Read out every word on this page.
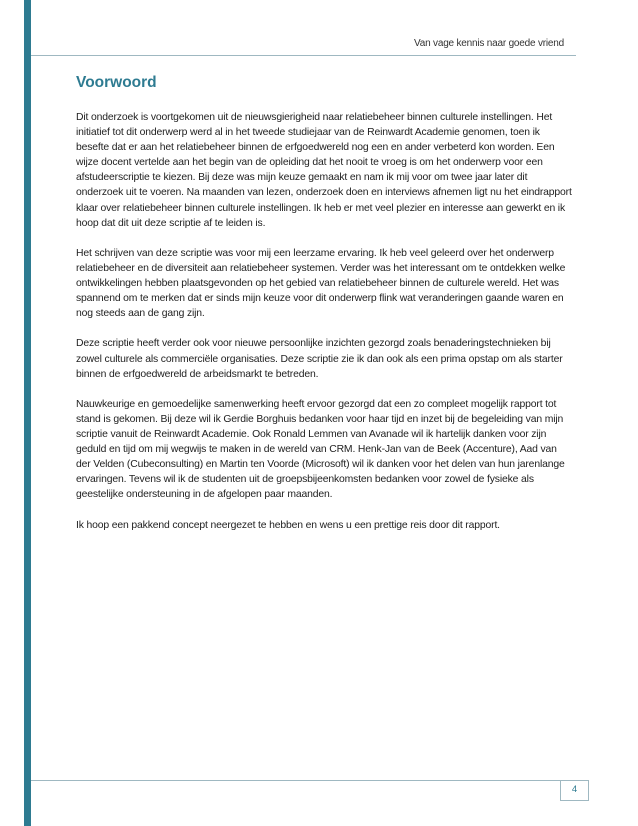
Van vage kennis naar goede vriend
Voorwoord

Dit onderzoek is voortgekomen uit de nieuwsgierigheid naar relatiebeheer binnen culturele instellingen. Het initiatief tot dit onderwerp werd al in het tweede studiejaar van de Reinwardt Academie genomen, toen ik besefte dat er aan het relatiebeheer binnen de erfgoedwereld nog een en ander verbeterd kon worden. Een wijze docent vertelde aan het begin van de opleiding dat het nooit te vroeg is om het onderwerp voor een afstudeerscriptie te kiezen. Bij deze was mijn keuze gemaakt en nam ik mij voor om twee jaar later dit onderzoek uit te voeren. Na maanden van lezen, onderzoek doen en interviews afnemen ligt nu het eindrapport klaar over relatiebeheer binnen culturele instellingen. Ik heb er met veel plezier en interesse aan gewerkt en ik hoop dat dit uit deze scriptie af te leiden is.

Het schrijven van deze scriptie was voor mij een leerzame ervaring. Ik heb veel geleerd over het onderwerp relatiebeheer en de diversiteit aan relatiebeheer systemen. Verder was het interessant om te ontdekken welke ontwikkelingen hebben plaatsgevonden op het gebied van relatiebeheer binnen de culturele wereld. Het was spannend om te merken dat er sinds mijn keuze voor dit onderwerp flink wat veranderingen gaande waren en nog steeds aan de gang zijn.

Deze scriptie heeft verder ook voor nieuwe persoonlijke inzichten gezorgd zoals benaderingstechnieken bij zowel culturele als commerciële organisaties. Deze scriptie zie ik dan ook als een prima opstap om als starter binnen de erfgoedwereld de arbeidsmarkt te betreden.

Nauwkeurige en gemoedelijke samenwerking heeft ervoor gezorgd dat een zo compleet mogelijk rapport tot stand is gekomen. Bij deze wil ik Gerdie Borghuis bedanken voor haar tijd en inzet bij de begeleiding van mijn scriptie vanuit de Reinwardt Academie. Ook Ronald Lemmen van Avanade wil ik hartelijk danken voor zijn geduld en tijd om mij wegwijs te maken in de wereld van CRM. Henk-Jan van de Beek (Accenture), Aad van der Velden (Cubeconsulting) en Martin ten Voorde (Microsoft) wil ik danken voor het delen van hun jarenlange ervaringen. Tevens wil ik de studenten uit de groepsbijeenkomsten bedanken voor zowel de fysieke als geestelijke ondersteuning in de afgelopen paar maanden.

Ik hoop een pakkend concept neergezet te hebben en wens u een prettige reis door dit rapport.

4
